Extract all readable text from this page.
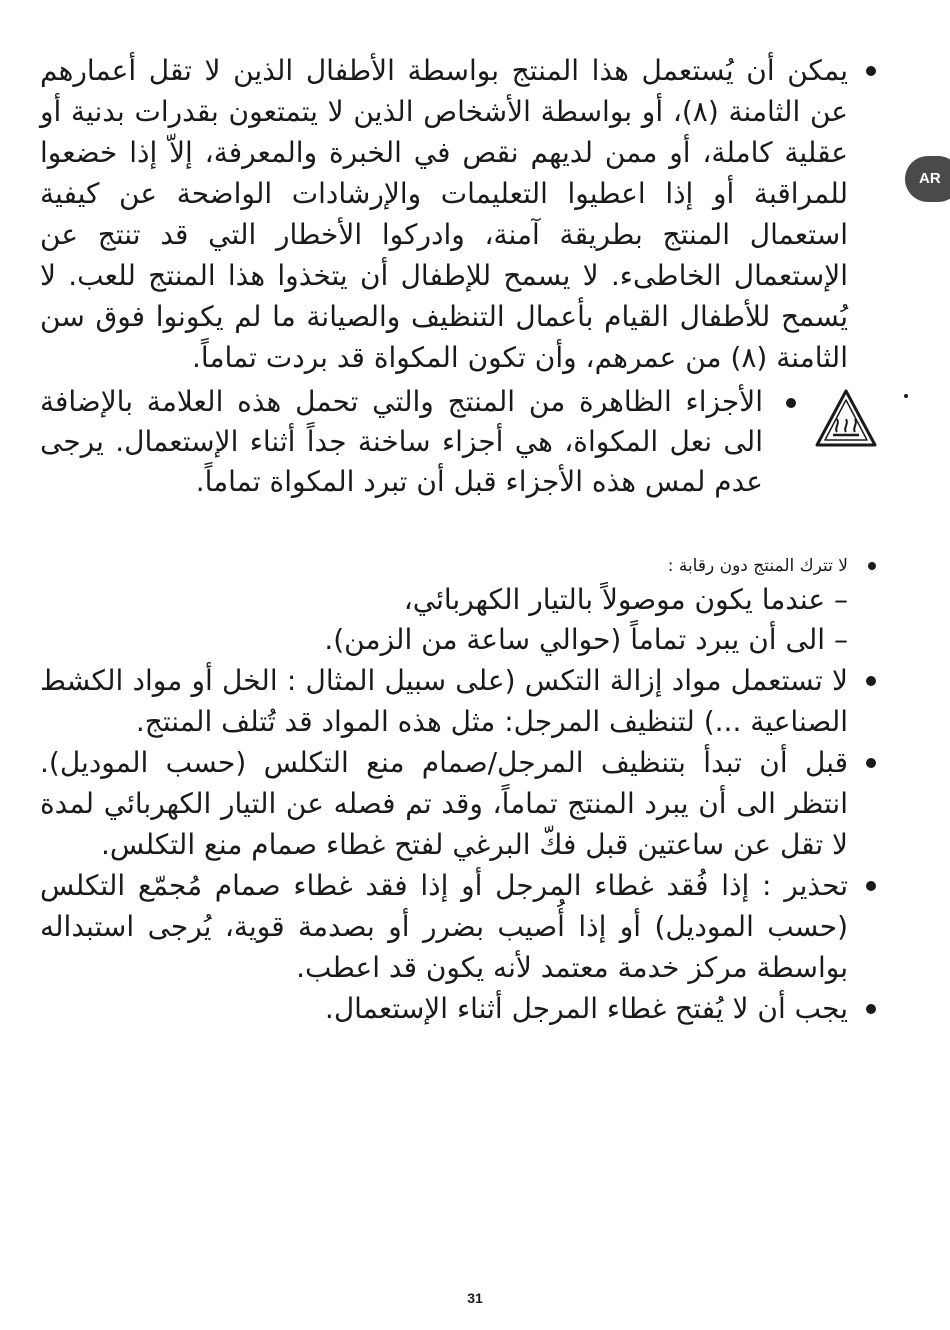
AR

يمكن أن يُستعمل هذا المنتج بواسطة الأطفال الذين لا تقل أعمارهم عن الثامنة (٨)، أو بواسطة الأشخاص الذين لا يتمتعون بقدرات بدنية أو عقلية كاملة، أو ممن لديهم نقص في الخبرة والمعرفة، إلاّ إذا خضعوا للمراقبة أو إذا اعطيوا التعليمات والإرشادات الواضحة عن كيفية استعمال المنتج بطريقة آمنة، وادركوا الأخطار التي قد تنتج عن الإستعمال الخاطىء. لا يسمح للإطفال أن يتخذوا هذا المنتج للعب. لا يُسمح للأطفال القيام بأعمال التنظيف والصيانة ما لم يكونوا فوق سن الثامنة (٨) من عمرهم، وأن تكون المكواة قد بردت تماماً.

الأجزاء الظاهرة من المنتج والتي تحمل هذه العلامة بالإضافة الى نعل المكواة، هي أجزاء ساخنة جداً أثناء الإستعمال. يرجى عدم لمس هذه الأجزاء قبل أن تبرد المكواة تماماً.

لا تترك المنتج دون رقابة :

– عندما يكون موصولاً بالتيار الكهربائي،

– الى أن يبرد تماماً (حوالي ساعة من الزمن).

لا تستعمل مواد إزالة التكس (على سبيل المثال : الخل أو مواد الكشط الصناعية ...) لتنظيف المرجل: مثل هذه المواد قد تُتلف المنتج.

قبل أن تبدأ بتنظيف المرجل/صمام منع التكلس (حسب الموديل). انتظر الى أن يبرد المنتج تماماً، وقد تم فصله عن التيار الكهربائي لمدة لا تقل عن ساعتين قبل فكّ البرغي لفتح غطاء صمام منع التكلس.

تحذير : إذا فُقد غطاء المرجل أو إذا فقد غطاء صمام مُجمّع التكلس (حسب الموديل) أو إذا أُصيب بضرر أو بصدمة قوية، يُرجى استبداله بواسطة مركز خدمة معتمد لأنه يكون قد اعطب.

يجب أن لا يُفتح غطاء المرجل أثناء الإستعمال.

31
